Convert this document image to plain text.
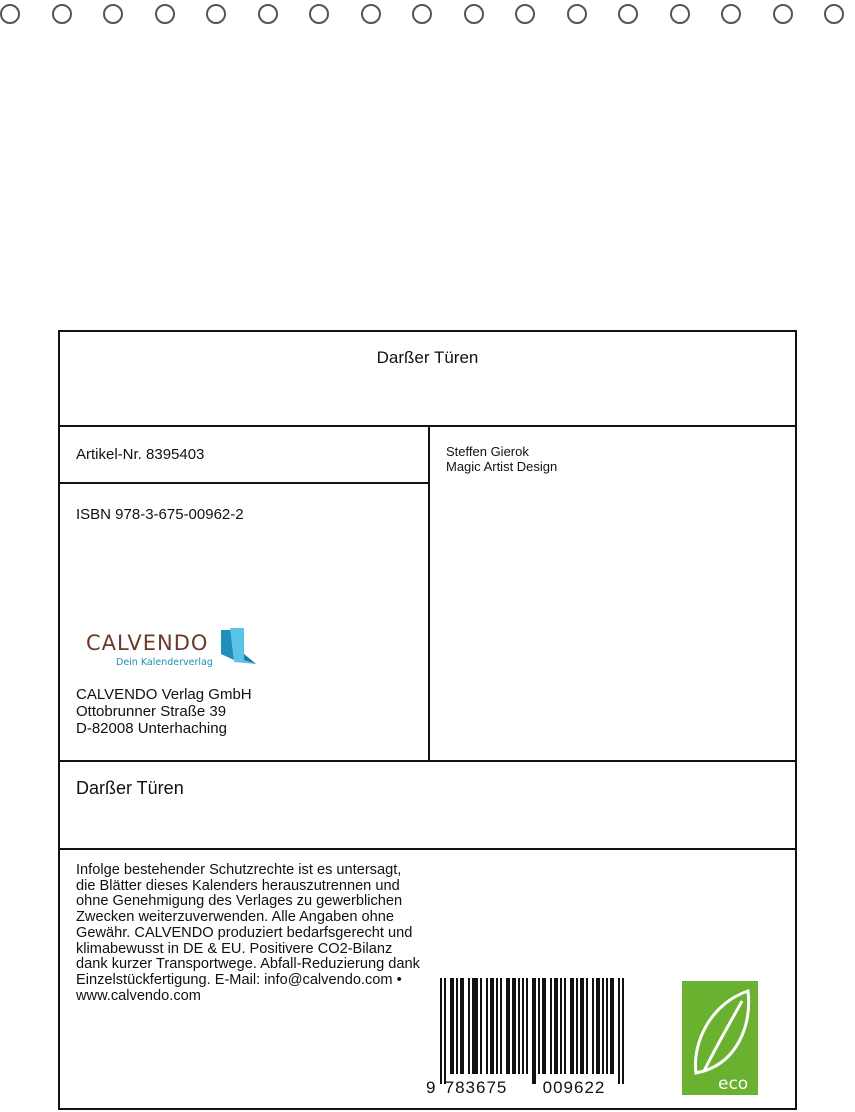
Darßer Türen
Artikel-Nr. 8395403	Steffen Gierok
Magic Artist Design
ISBN 978-3-675-00962-2
CALVENDO
Dein Kalenderverlag
CALVENDO Verlag GmbH
Ottobrunner Straße 39
D-82008 Unterhaching
Darßer Türen
Infolge bestehender Schutzrechte ist es untersagt, die Blätter dieses Kalenders herauszutrennen und ohne Genehmigung des Verlages zu gewerblichen Zwecken weiterzuverwenden. Alle Angaben ohne Gewähr. CALVENDO produziert bedarfsgerecht und klimabewusst in DE & EU. Positivere CO2-Bilanz dank kurzer Transportwege. Abfall-Reduzierung dank Einzelstückfertigung. E-Mail: info@calvendo.com • www.calvendo.com
9 783675 009622	eco
